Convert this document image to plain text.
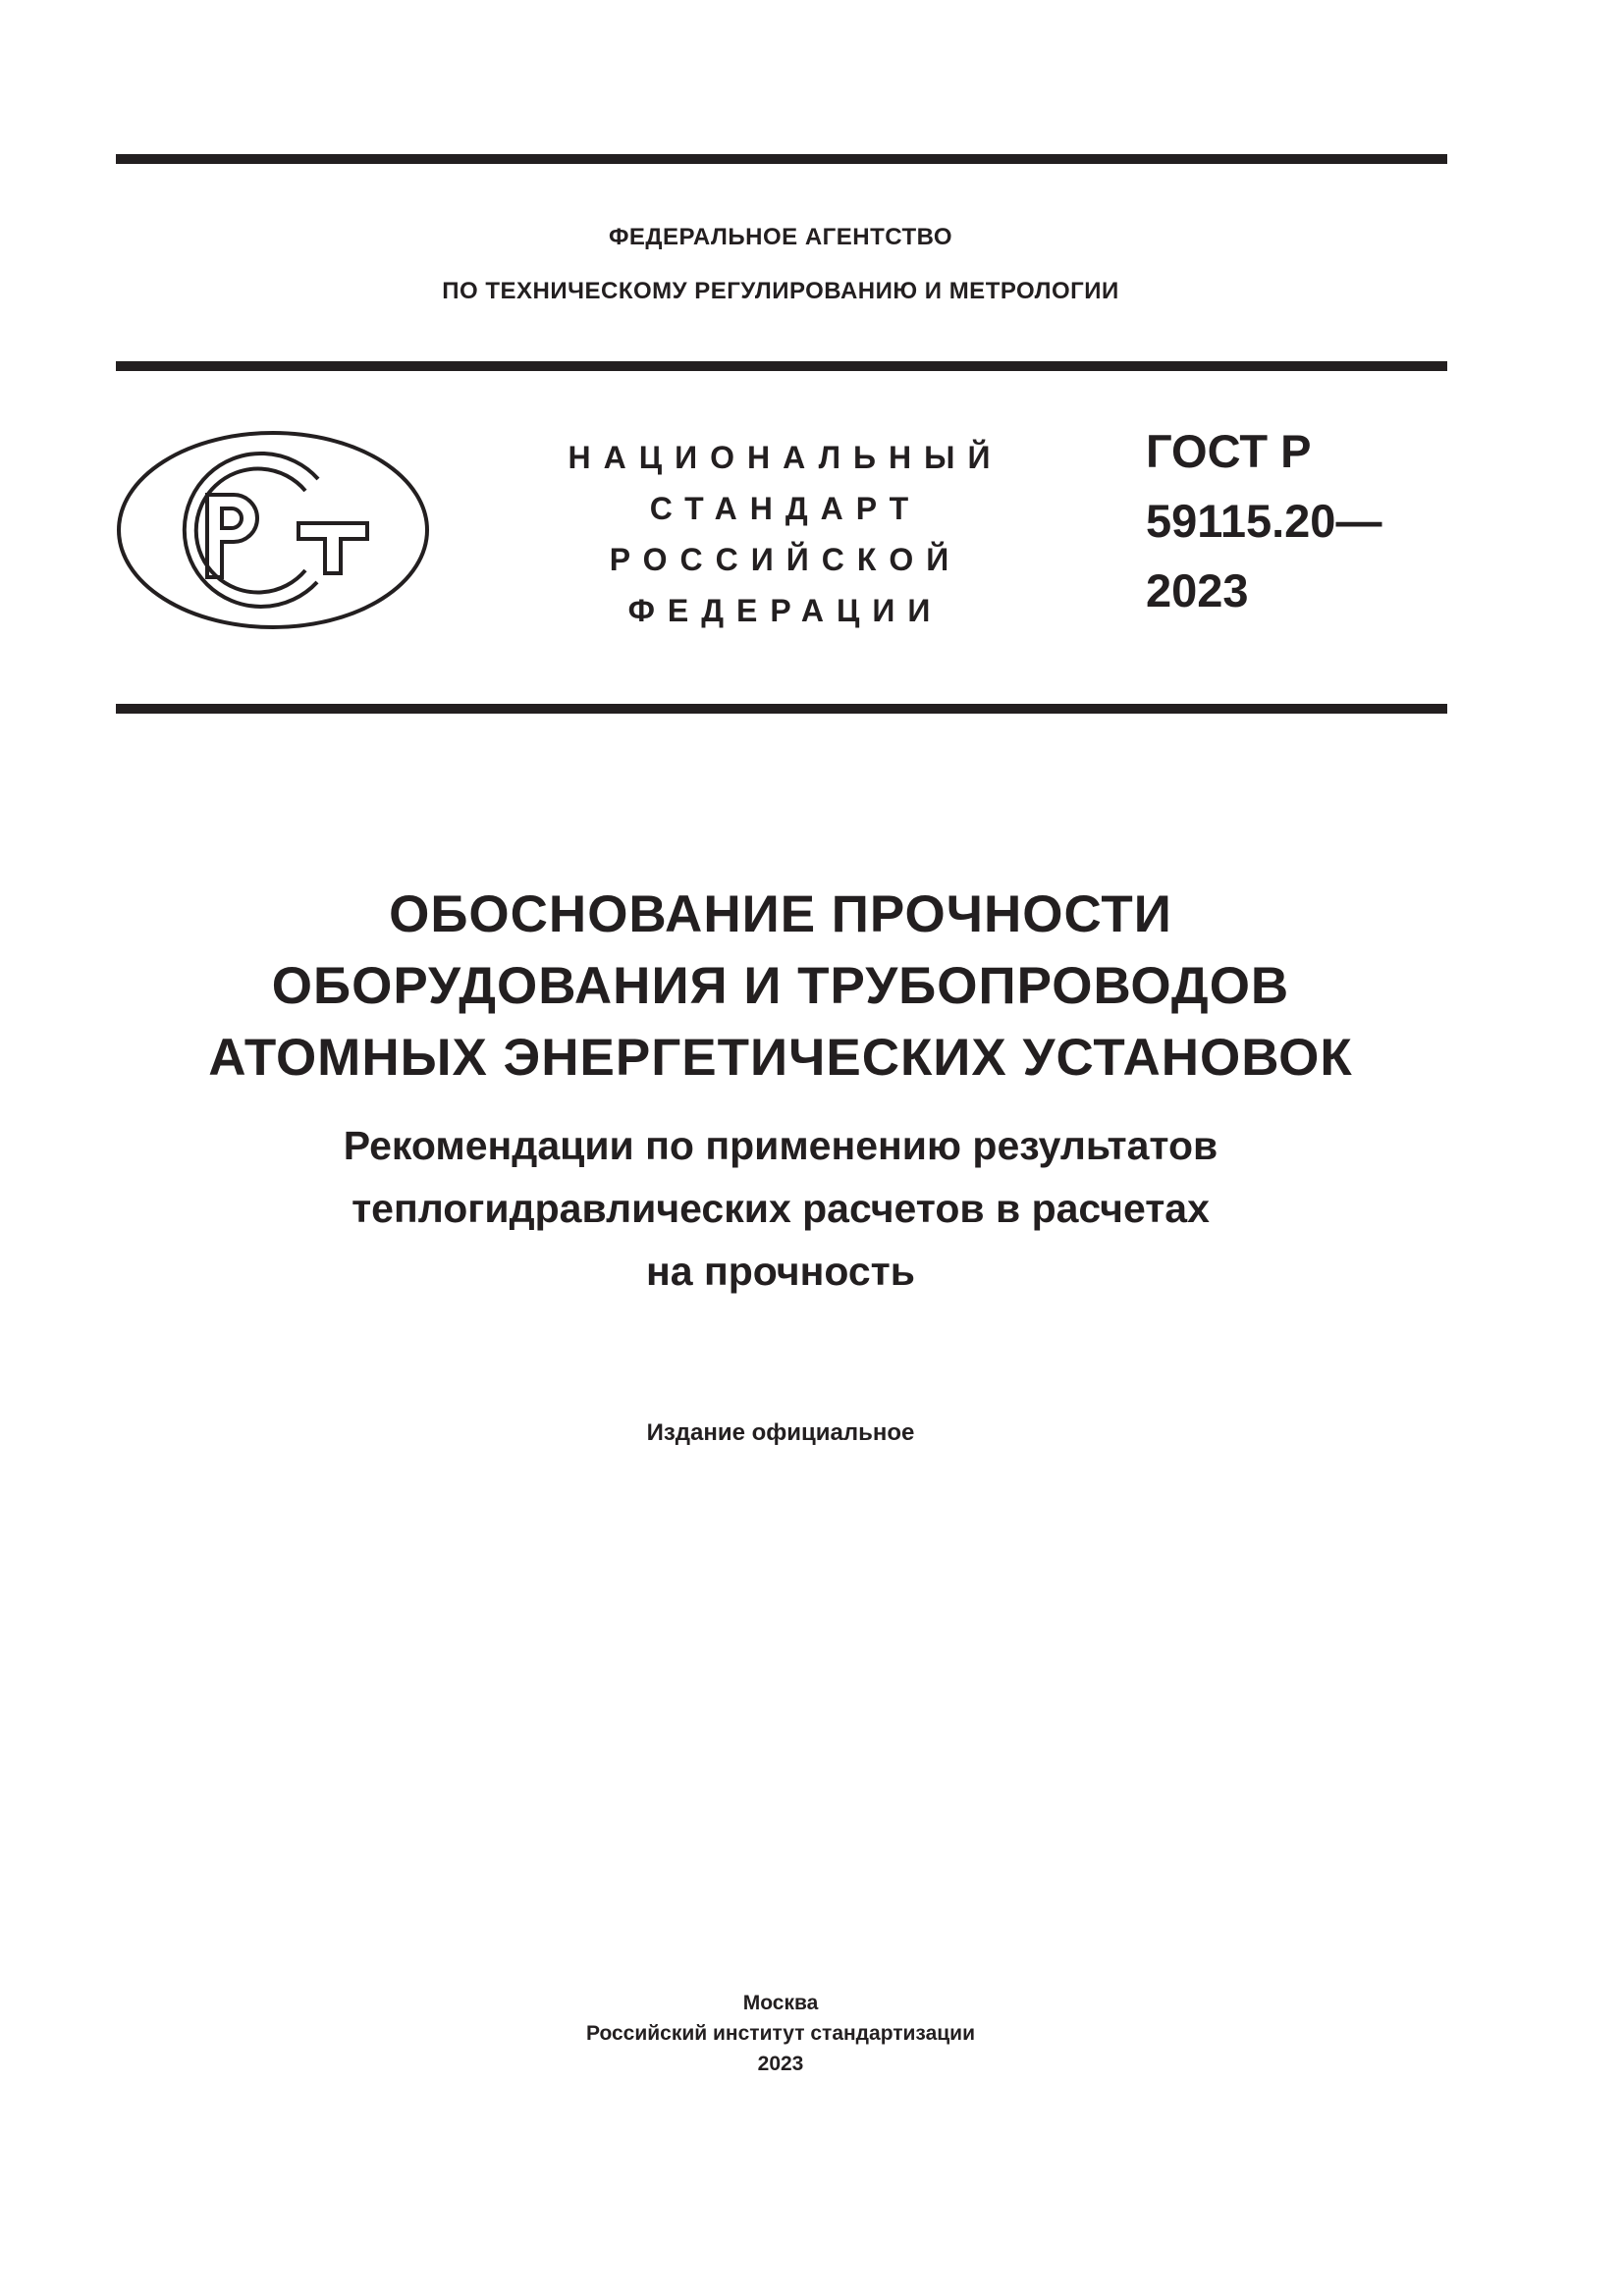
ФЕДЕРАЛЬНОЕ АГЕНТСТВО
ПО ТЕХНИЧЕСКОМУ РЕГУЛИРОВАНИЮ И МЕТРОЛОГИИ
НАЦИОНАЛЬНЫЙ
СТАНДАРТ
РОССИЙСКОЙ
ФЕДЕРАЦИИ
ГОСТ Р
59115.20—
2023
ОБОСНОВАНИЕ ПРОЧНОСТИ
ОБОРУДОВАНИЯ И ТРУБОПРОВОДОВ
АТОМНЫХ ЭНЕРГЕТИЧЕСКИХ УСТАНОВОК
Рекомендации по применению результатов
теплогидравлических расчетов в расчетах
на прочность
Издание официальное
Москва
Российский институт стандартизации
2023
